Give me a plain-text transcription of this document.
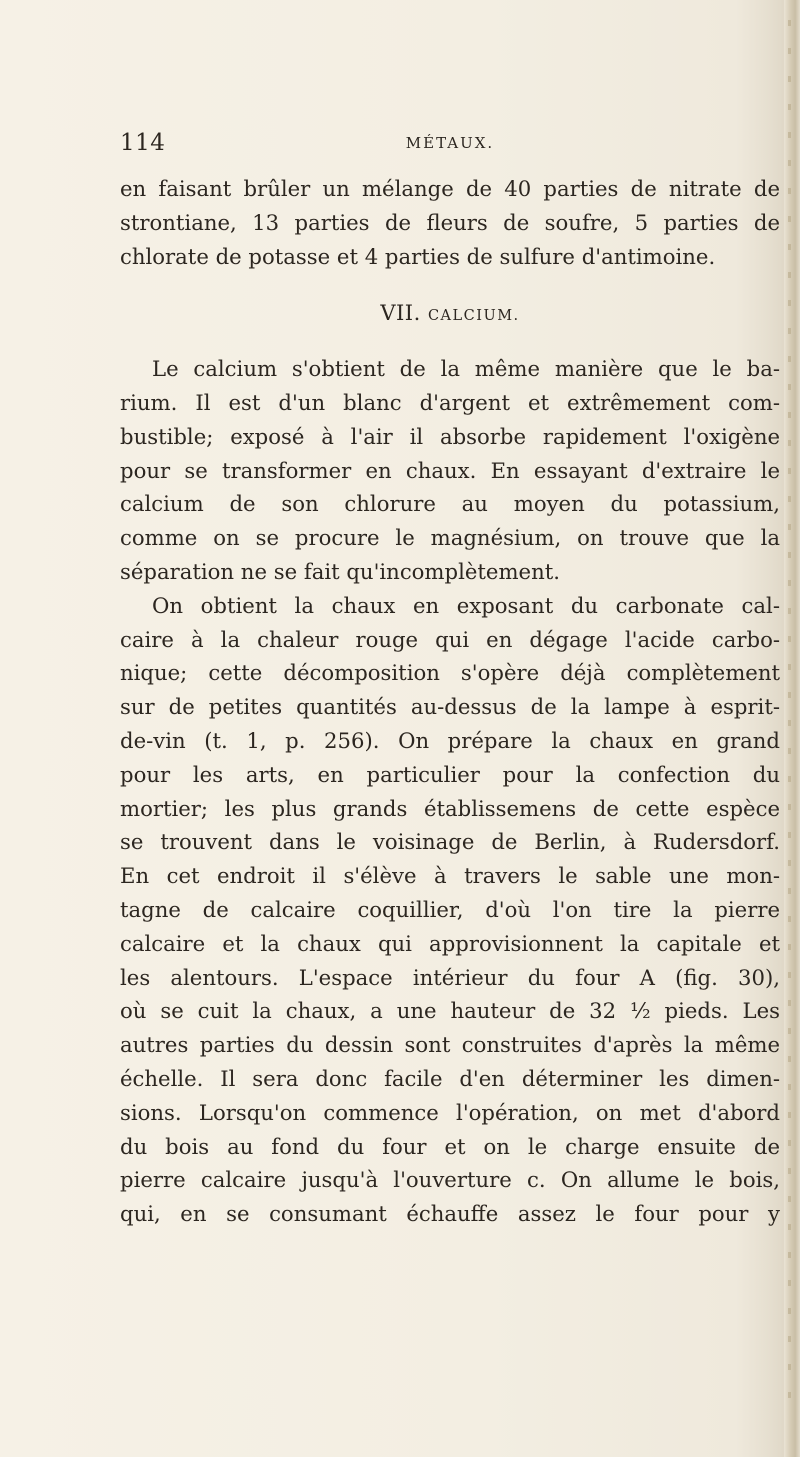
114	MÉTAUX.
en faisant brûler un mélange de 40 parties de nitrate de
strontiane, 13 parties de fleurs de soufre, 5 parties de
chlorate de potasse et 4 parties de sulfure d'antimoine.
VII. CALCIUM.
Le calcium s'obtient de la même manière que le ba-
rium. Il est d'un blanc d'argent et extrêmement com-
bustible; exposé à l'air il absorbe rapidement l'oxigène
pour se transformer en chaux. En essayant d'extraire le
calcium de son chlorure au moyen du potassium,
comme on se procure le magnésium, on trouve que la
séparation ne se fait qu'incomplètement.
On obtient la chaux en exposant du carbonate cal-
caire à la chaleur rouge qui en dégage l'acide carbo-
nique; cette décomposition s'opère déjà complètement
sur de petites quantités au-dessus de la lampe à esprit-
de-vin (t. 1, p. 256). On prépare la chaux en grand
pour les arts, en particulier pour la confection du
mortier; les plus grands établissemens de cette espèce
se trouvent dans le voisinage de Berlin, à Rudersdorf.
En cet endroit il s'élève à travers le sable une mon-
tagne de calcaire coquillier, d'où l'on tire la pierre
calcaire et la chaux qui approvisionnent la capitale et
les alentours. L'espace intérieur du four A (fig. 30),
où se cuit la chaux, a une hauteur de 32 ½ pieds. Les
autres parties du dessin sont construites d'après la même
échelle. Il sera donc facile d'en déterminer les dimen-
sions. Lorsqu'on commence l'opération, on met d'abord
du bois au fond du four et on le charge ensuite de
pierre calcaire jusqu'à l'ouverture c. On allume le bois,
qui, en se consumant échauffe assez le four pour y
